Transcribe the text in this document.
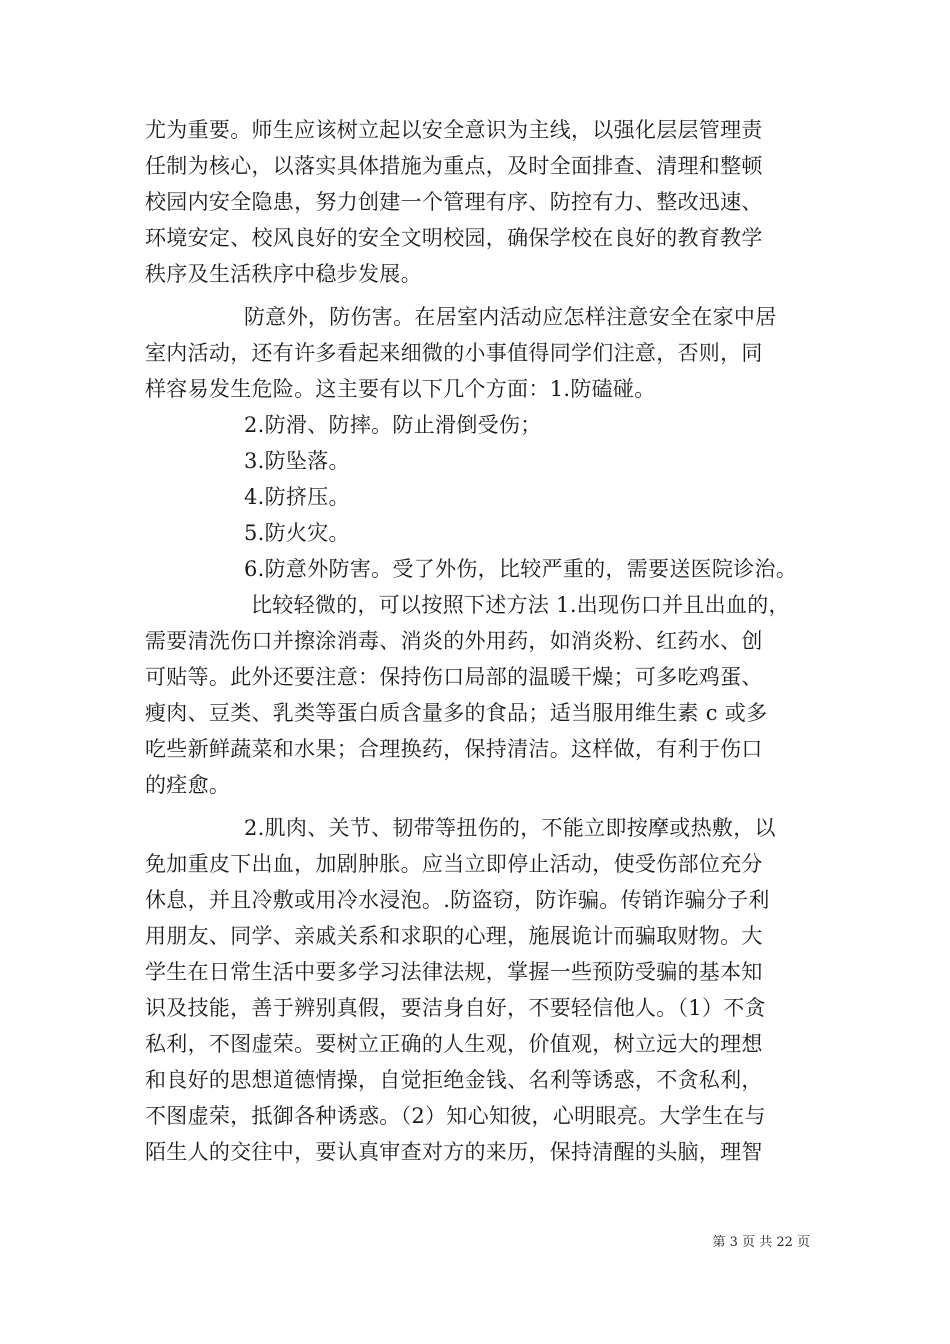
尤为重要。师生应该树立起以安全意识为主线，以强化层层管理责
任制为核心，以落实具体措施为重点，及时全面排查、清理和整顿
校园内安全隐患，努力创建一个管理有序、防控有力、整改迅速、
环境安定、校风良好的安全文明校园，确保学校在良好的教育教学
秩序及生活秩序中稳步发展。
防意外，防伤害。在居室内活动应怎样注意安全在家中居
室内活动，还有许多看起来细微的小事值得同学们注意，否则，同
样容易发生危险。这主要有以下几个方面：1.防磕碰。
2.防滑、防摔。防止滑倒受伤；
3.防坠落。
4.防挤压。
5.防火灾。
6.防意外防害。受了外伤，比较严重的，需要送医院诊治。
比较轻微的，可以按照下述方法 1.出现伤口并且出血的，
需要清洗伤口并擦涂消毒、消炎的外用药，如消炎粉、红药水、创
可贴等。此外还要注意：保持伤口局部的温暖干燥；可多吃鸡蛋、
瘦肉、豆类、乳类等蛋白质含量多的食品；适当服用维生素 c 或多
吃些新鲜蔬菜和水果；合理换药，保持清洁。这样做，有利于伤口
的痊愈。
2.肌肉、关节、韧带等扭伤的，不能立即按摩或热敷，以
免加重皮下出血，加剧肿胀。应当立即停止活动，使受伤部位充分
休息，并且冷敷或用冷水浸泡。.防盗窃，防诈骗。传销诈骗分子利
用朋友、同学、亲戚关系和求职的心理，施展诡计而骗取财物。大
学生在日常生活中要多学习法律法规，掌握一些预防受骗的基本知
识及技能，善于辨别真假，要洁身自好，不要轻信他人。（1）不贪
私利，不图虚荣。要树立正确的人生观，价值观，树立远大的理想
和良好的思想道德情操，自觉拒绝金钱、名利等诱惑，不贪私利，
不图虚荣，抵御各种诱惑。（2）知心知彼，心明眼亮。大学生在与
陌生人的交往中，要认真审查对方的来历，保持清醒的头脑，理智
第 3 页 共 22 页
